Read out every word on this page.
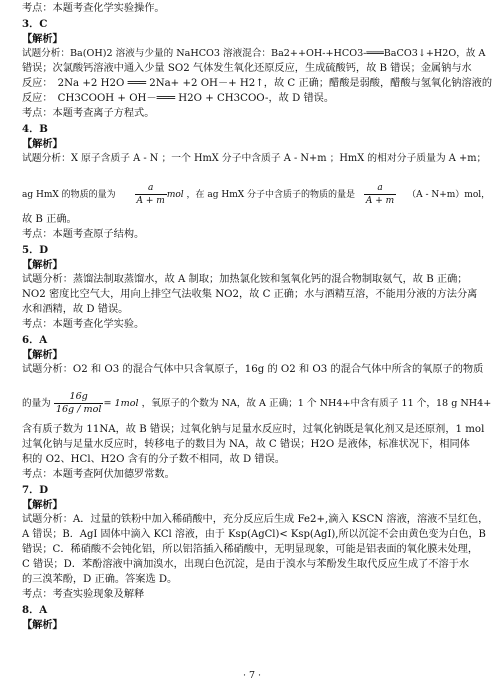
考点：本题考查化学实验操作。
3．C
【解析】
试题分析：Ba(OH)2 溶液与少量的 NaHCO3 溶液混合：Ba2++OH-+HCO3-═══BaCO3↓+H2O，故 A
错误；次氯酸钙溶液中通入少量 SO2 气体发生氧化还原反应，生成硫酸钙，故 B 错误；金属钠与水
反应：　2Na +2 H2O ═══ 2Na+ +2 OH－+ H2↑，故 C 正确；醋酸是弱酸，醋酸与氢氧化钠溶液的
反应：　CH3COOH + OH－═══ H2O + CH3COO-，故 D 错误。
考点：本题考查离子方程式。
4．B
【解析】
试题分析：X 原子含质子 A - N ；一个 HmX 分子中含质子 A - N+m ；HmX 的相对分子质量为 A +m；
ag HmX 的物质的量为 $\frac{a}{A + m}$ mol ，在 ag HmX 分子中含质子的物质的量是 $\frac{a}{A + m} (A - N+m)mol$，
故 B 正确。
考点：本题考查原子结构。
5．D
【解析】
试题分析：蒸馏法制取蒸馏水，故 A 制取；加热氯化铵和氢氧化钙的混合物制取氨气，故 B 正确；
NO2 密度比空气大，用向上排空气法收集 NO2，故 C 正确；水与酒精互溶，不能用分液的方法分离
水和酒精，故 D 错误。
考点：本题考查化学实验。
6．A
【解析】
试题分析：O2 和 O3 的混合气体中只含氧原子，16g 的 O2 和 O3 的混合气体中所含的氧原子的物质
的量为 $\frac{16g}{\text{16g / mol}} = 1mol$ ，氧原子的个数为 NA，故 A 正确；1 个 NH4+中含有质子 11 个，18 g NH4+
含有质子数为 11NA，故 B 错误；过氧化钠与足量水反应时，过氧化钠既是氧化剂又是还原剂，1 mol
过氧化钠与足量水反应时，转移电子的数目为 NA，故 C 错误；H2O 是液体，标准状况下，相同体
积的 O2、HCl、H2O 含有的分子数不相同，故 D 错误。
考点：本题考查阿伏加德罗常数。
7．D
【解析】
试题分析：A．过量的铁粉中加入稀硝酸中，充分反应后生成 Fe2+,滴入 KSCN 溶液，溶液不呈红色，
A 错误；B．AgI 固体中滴入 KCl 溶液，由于 Ksp(AgCl)< Ksp(AgI),所以沉淀不会由黄色变为白色，B
错误；C．稀硝酸不会钝化铝，所以铝箔插入稀硝酸中，无明显现象，可能是铝表面的氧化膜未处理，
C 错误；D．苯酚溶液中滴加溴水，出现白色沉淀，是由于溴水与苯酚发生取代反应生成了不溶于水
的三溴苯酚，D 正确。答案选 D。
考点：考查实验现象及解释
8．A
【解析】
· 7 ·
